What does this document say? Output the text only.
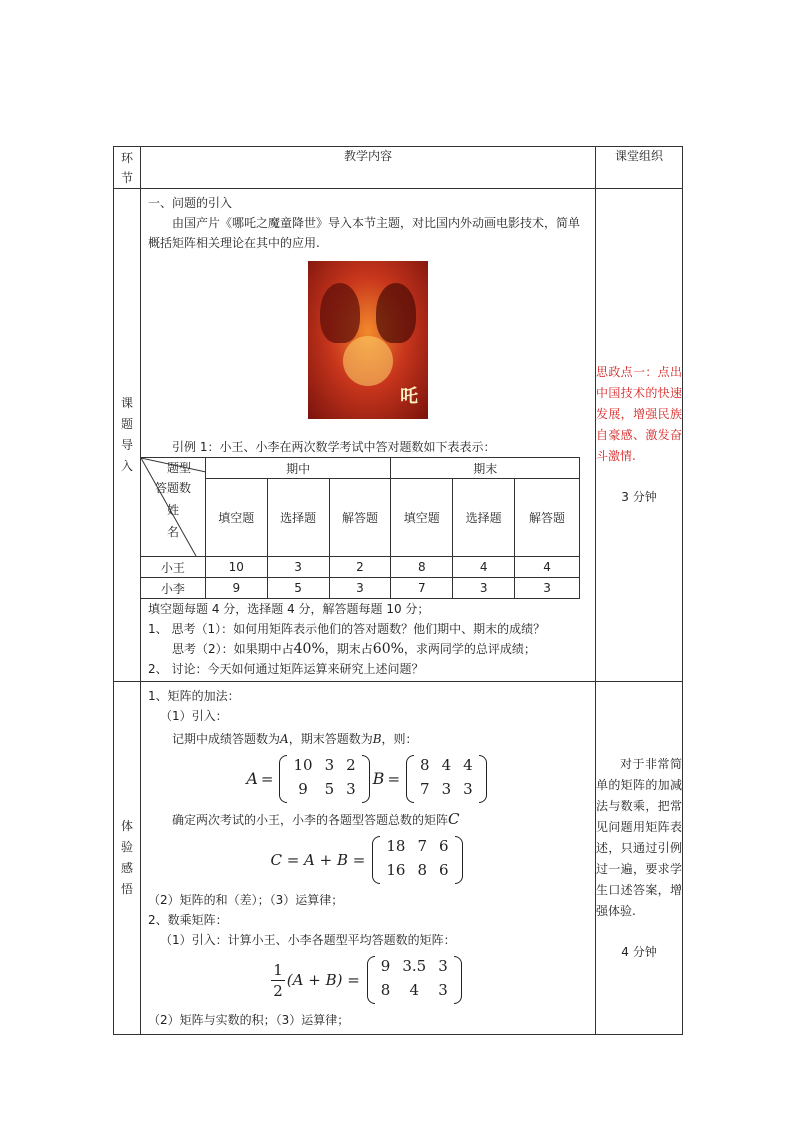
环节
	教学内容	课堂组织

课题导入

一、问题的引入
由国产片《哪吒之魔童降世》导入本节主题，对比国内外动画电影技术，简单概括矩阵相关理论在其中的应用.
吒
引例 1：小王、小李在两次数学考试中答对题数如下表表示：
题型
答题数
姓
名
	期中	期末
填空题	选择题	解答题	填空题	选择题	解答题
小王	10	3	2	8	4	4
小李	9	5	3	7	3	3
填空题每题 4 分，选择题 4 分，解答题每题 10 分；
1、 思考（1）：如何用矩阵表示他们的答对题数？他们期中、期末的成绩？
思考（2）：如果期中占40%，期末占60%，求两同学的总评成绩；
2、 讨论：今天如何通过矩阵运算来研究上述问题？

思政点一：点出中国技术的快速发展，增强民族自豪感、激发奋斗激情.
3 分钟

体验感悟

1、矩阵的加法：
（1）引入：
记期中成绩答题数为A，期末答题数为B，则：
A =
10	3	2
9	5	3
B =
8	4	4
7	3	3
确定两次考试的小王，小李的各题型答题总数的矩阵C
C = A + B =
18	7	6
16	8	6
（2）矩阵的和（差）；（3）运算律；
2、数乘矩阵：
（1）引入：计算小王、小李各题型平均答题数的矩阵：
$\frac{1}{2} (A + B)$ =
9	3.5	3
8	4	3
（2）矩阵与实数的积；（3）运算律；

对于非常简单的矩阵的加减法与数乘，把常见问题用矩阵表述，只通过引例过一遍，要求学生口述答案，增强体验.
4 分钟
